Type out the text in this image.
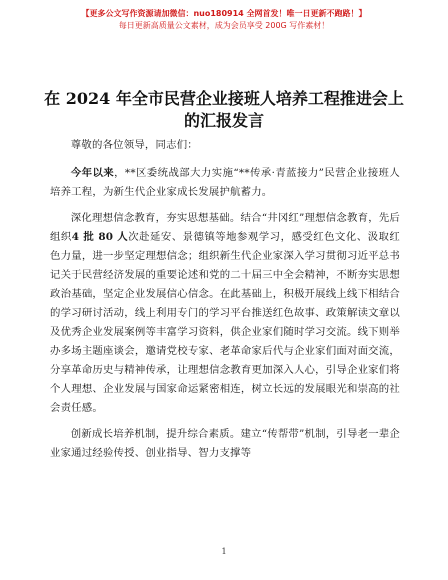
【更多公文写作资源请加微信：nuo180914 全网首发！唯一日更新不跑路！】
每日更新高质量公文素材，成为会员享受 200G 写作素材！
在 2024 年全市民营企业接班人培养工程推进会上的汇报发言

尊敬的各位领导，同志们：

今年以来，**区委统战部大力实施“**传承·青蓝接力”民营企业接班人培养工程，为新生代企业家成长发展护航蓄力。

深化理想信念教育，夯实思想基础。结合“井冈红”理想信念教育，先后组织4 批 80 人次赴延安、景德镇等地参观学习，感受红色文化、汲取红色力量，进一步坚定理想信念；组织新生代企业家深入学习贯彻习近平总书记关于民营经济发展的重要论述和党的二十届三中全会精神，不断夯实思想政治基础，坚定企业发展信心信念。在此基础上，积极开展线上线下相结合的学习研讨活动，线上利用专门的学习平台推送红色故事、政策解读文章以及优秀企业发展案例等丰富学习资料，供企业家们随时学习交流。线下则举办多场主题座谈会，邀请党校专家、老革命家后代与企业家们面对面交流，分享革命历史与精神传承，让理想信念教育更加深入人心，引导企业家们将个人理想、企业发展与国家命运紧密相连，树立长远的发展眼光和崇高的社会责任感。

创新成长培养机制，提升综合素质。建立“传帮带”机制，引导老一辈企业家通过经验传授、创业指导、智力支撑等

1
